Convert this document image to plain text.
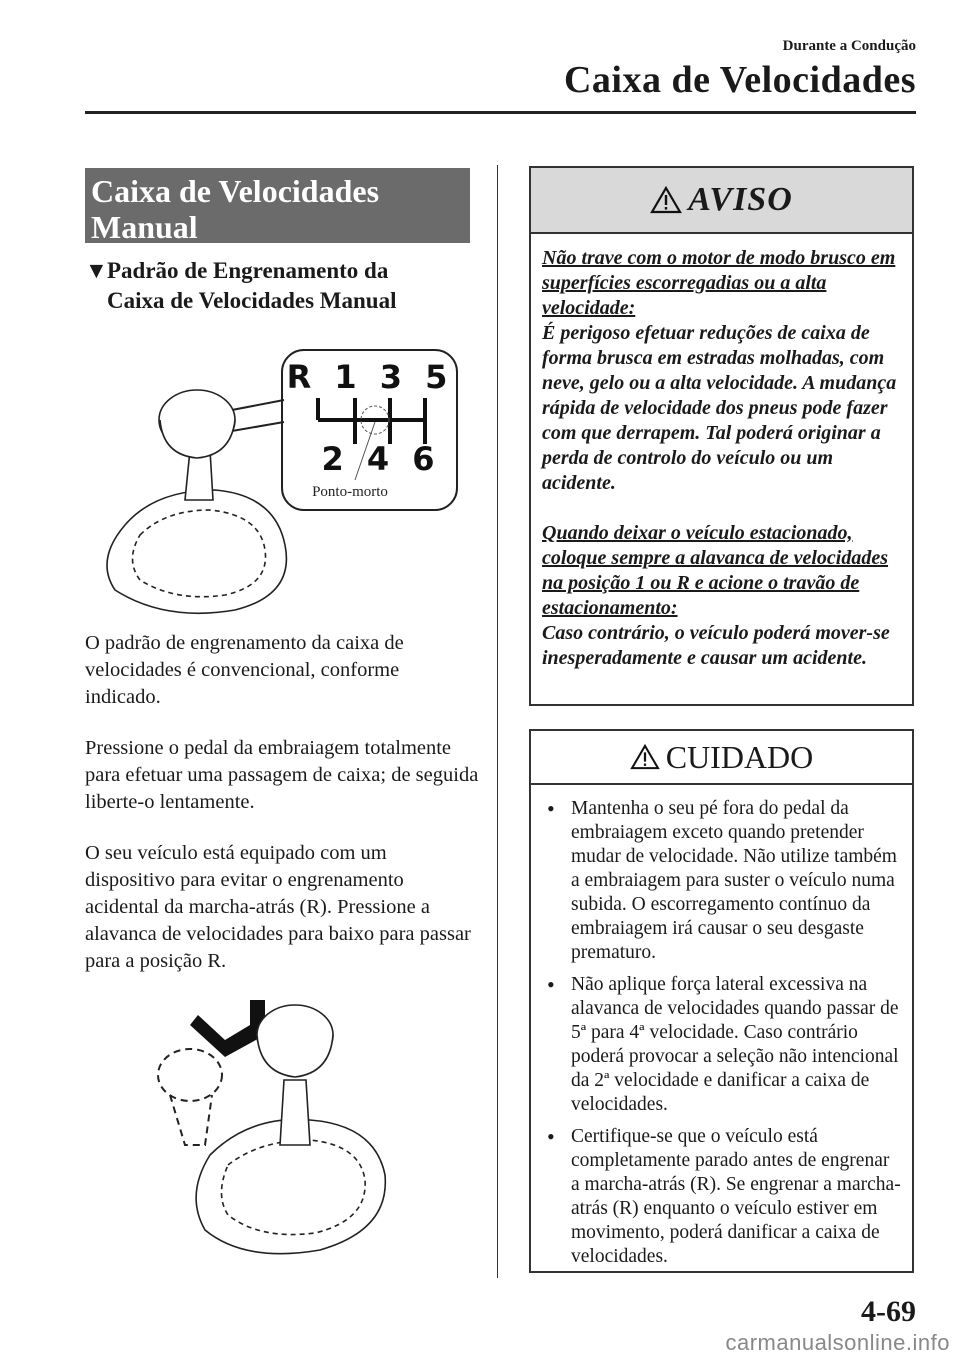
Durante a Condução
Caixa de Velocidades
Caixa de Velocidades
Manual
▼Padrão de Engrenamento da
Caixa de Velocidades Manual
R 1 3 5
2 4 6
Ponto-morto
O padrão de engrenamento da caixa de velocidades é convencional, conforme indicado.
Pressione o pedal da embraiagem totalmente para efetuar uma passagem de caixa; de seguida liberte-o lentamente.
O seu veículo está equipado com um dispositivo para evitar o engrenamento acidental da marcha-atrás (R). Pressione a alavanca de velocidades para baixo para passar para a posição R.
AVISO
Não trave com o motor de modo brusco em superfícies escorregadias ou a alta velocidade:
É perigoso efetuar reduções de caixa de forma brusca em estradas molhadas, com neve, gelo ou a alta velocidade. A mudança rápida de velocidade dos pneus pode fazer com que derrapem. Tal poderá originar a perda de controlo do veículo ou um acidente.
Quando deixar o veículo estacionado, coloque sempre a alavanca de velocidades na posição 1 ou R e acione o travão de estacionamento:
Caso contrário, o veículo poderá mover-se inesperadamente e causar um acidente.
CUIDADO
• Mantenha o seu pé fora do pedal da embraiagem exceto quando pretender mudar de velocidade. Não utilize também a embraiagem para suster o veículo numa subida. O escorregamento contínuo da embraiagem irá causar o seu desgaste prematuro.
• Não aplique força lateral excessiva na alavanca de velocidades quando passar de 5ª para 4ª velocidade. Caso contrário poderá provocar a seleção não intencional da 2ª velocidade e danificar a caixa de velocidades.
• Certifique-se que o veículo está completamente parado antes de engrenar a marcha-atrás (R). Se engrenar a marcha-atrás (R) enquanto o veículo estiver em movimento, poderá danificar a caixa de velocidades.
4-69
carmanualsonline.info
